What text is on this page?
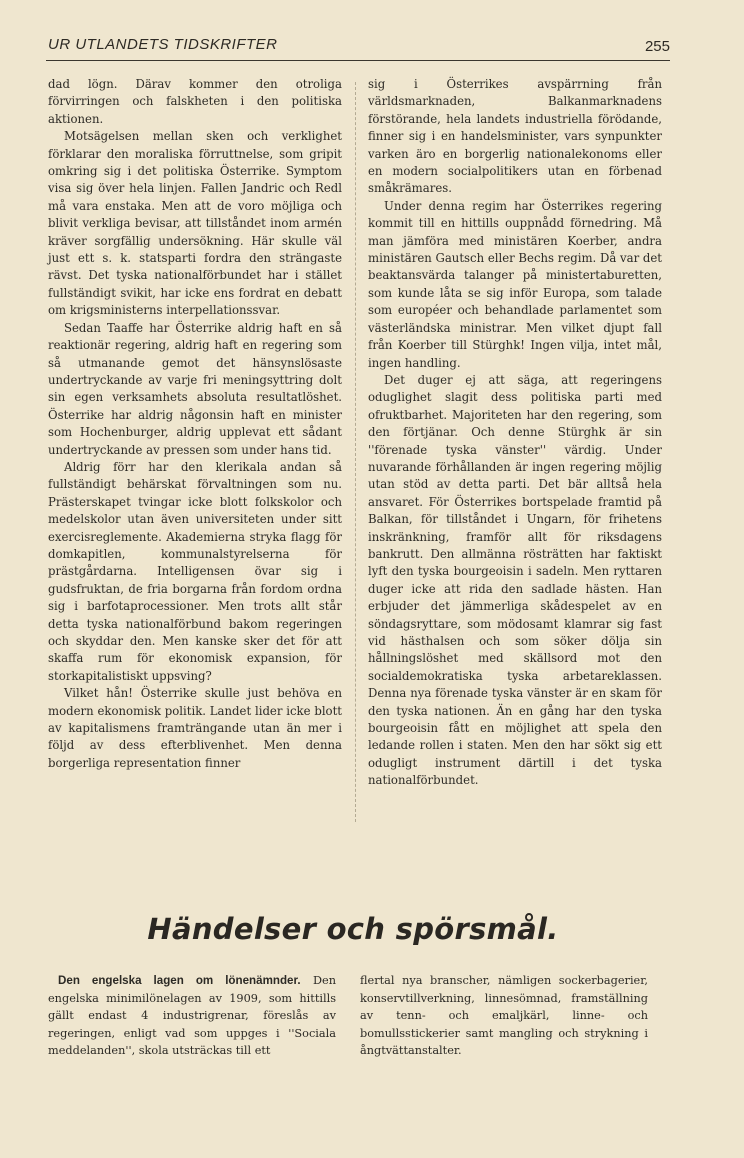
UR UTLANDETS TIDSKRIFTER	255

dad lögn. Därav kommer den otroliga förvirringen och falskheten i den politiska aktionen.

Motsägelsen mellan sken och verklighet förklarar den moraliska förruttnelse, som gripit omkring sig i det politiska Österrike. Symptom visa sig över hela linjen. Fallen Jandric och Redl må vara enstaka. Men att de voro möjliga och blivit verkliga bevisar, att tillståndet inom armén kräver sorgfällig undersökning. Här skulle väl just ett s. k. statsparti fordra den strängaste rävst. Det tyska nationalförbundet har i stället fullständigt svikit, har icke ens fordrat en debatt om krigsministerns interpellationssvar.

Sedan Taaffe har Österrike aldrig haft en så reaktionär regering, aldrig haft en regering som så utmanande gemot det hänsynslösaste undertryckande av varje fri meningsyttring dolt sin egen verksamhets absoluta resultatlöshet. Österrike har aldrig någonsin haft en minister som Hochenburger, aldrig upplevat ett sådant undertryckande av pressen som under hans tid.

Aldrig förr har den klerikala andan så fullständigt behärskat förvaltningen som nu. Prästerskapet tvingar icke blott folkskolor och medelskolor utan även universiteten under sitt exercisreglemente. Akademierna stryka flagg för domkapitlen, kommunalstyrelserna för prästgårdarna. Intelligensen övar sig i gudsfruktan, de fria borgarna från fordom ordna sig i barfotaprocessioner. Men trots allt står detta tyska nationalförbund bakom regeringen och skyddar den. Men kanske sker det för att skaffa rum för ekonomisk expansion, för storkapitalistiskt uppsving?

Vilket hån! Österrike skulle just behöva en modern ekonomisk politik. Landet lider icke blott av kapitalismens framträngande utan än mer i följd av dess efterblivenhet. Men denna borgerliga representation finner

sig i Österrikes avspärrning från världsmarknaden, Balkanmarknadens förstörande, hela landets industriella förödande, finner sig i en handelsminister, vars synpunkter varken äro en borgerlig nationalekonoms eller en modern socialpolitikers utan en förbenad småkrämares.

Under denna regim har Österrikes regering kommit till en hittills ouppnådd förnedring. Må man jämföra med ministären Koerber, andra ministären Gautsch eller Bechs regim. Då var det beaktansvärda talanger på ministertaburetten, som kunde låta se sig inför Europa, som talade som européer och behandlade parlamentet som västerländska ministrar. Men vilket djupt fall från Koerber till Stürghk! Ingen vilja, intet mål, ingen handling.

Det duger ej att säga, att regeringens oduglighet slagit dess politiska parti med ofruktbarhet. Majoriteten har den regering, som den förtjänar. Och denne Stürghk är sin ''förenade tyska vänster'' värdig. Under nuvarande förhållanden är ingen regering möjlig utan stöd av detta parti. Det bär alltså hela ansvaret. För Österrikes bortspelade framtid på Balkan, för tillståndet i Ungarn, för frihetens inskränkning, framför allt för riksdagens bankrutt. Den allmänna rösträtten har faktiskt lyft den tyska bourgeoisin i sadeln. Men ryttaren duger icke att rida den sadlade hästen. Han erbjuder det jämmerliga skådespelet av en söndagsryttare, som mödosamt klamrar sig fast vid hästhalsen och som söker dölja sin hållningslöshet med skällsord mot den socialdemokratiska tyska arbetareklassen. Denna nya förenade tyska vänster är en skam för den tyska nationen. Än en gång har den tyska bourgeoisin fått en möjlighet att spela den ledande rollen i staten. Men den har sökt sig ett odugligt instrument därtill i det tyska nationalförbundet.

Händelser och spörsmål.

Den engelska lagen om lönenämnder. Den engelska minimilönelagen av 1909, som hittills gällt endast 4 industrigrenar, föreslås av regeringen, enligt vad som uppges i ''Sociala meddelanden'', skola utsträckas till ett

flertal nya branscher, nämligen sockerbagerier, konservtillverkning, linnesömnad, framställning av tenn- och emaljkärl, linne- och bomullsstickerier samt mangling och strykning i ångtvättanstalter.
